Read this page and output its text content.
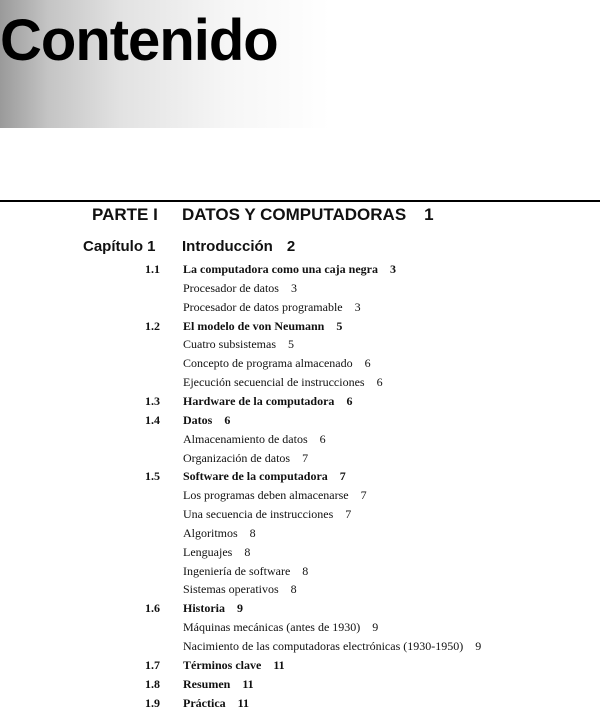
Contenido
PARTE I DATOS Y COMPUTADORAS 1
Capítulo 1 Introducción 2
1.1 La computadora como una caja negra 3
Procesador de datos 3
Procesador de datos programable 3
1.2 El modelo de von Neumann 5
Cuatro subsistemas 5
Concepto de programa almacenado 6
Ejecución secuencial de instrucciones 6
1.3 Hardware de la computadora 6
1.4 Datos 6
Almacenamiento de datos 6
Organización de datos 7
1.5 Software de la computadora 7
Los programas deben almacenarse 7
Una secuencia de instrucciones 7
Algoritmos 8
Lenguajes 8
Ingeniería de software 8
Sistemas operativos 8
1.6 Historia 9
Máquinas mecánicas (antes de 1930) 9
Nacimiento de las computadoras electrónicas (1930-1950) 9
1.7 Términos clave 11
1.8 Resumen 11
1.9 Práctica 11
